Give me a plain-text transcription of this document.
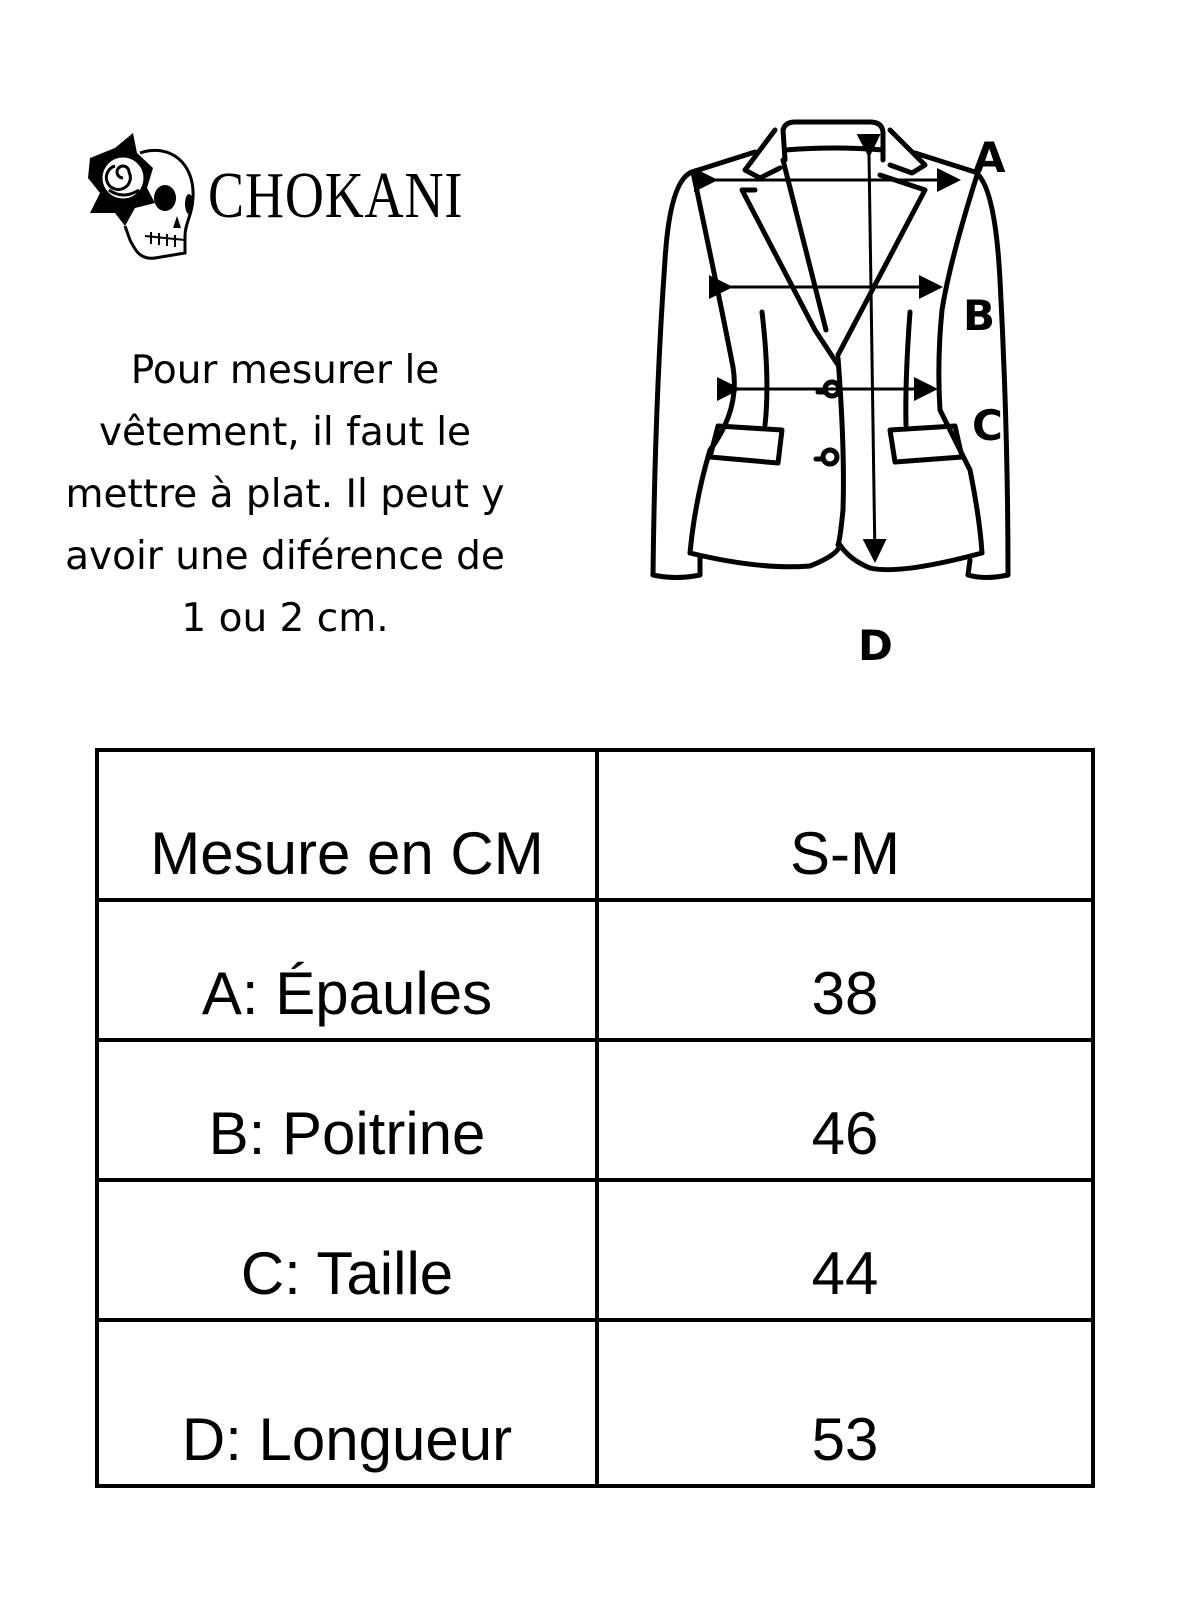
CHOKANI
Pour mesurer le vêtement, il faut le mettre à plat. Il peut y avoir une diférence de 1 ou 2 cm.
A
B
C
D
Mesure en CM	S-M
A: Épaules	38
B: Poitrine	46
C: Taille	44
D: Longueur	53
